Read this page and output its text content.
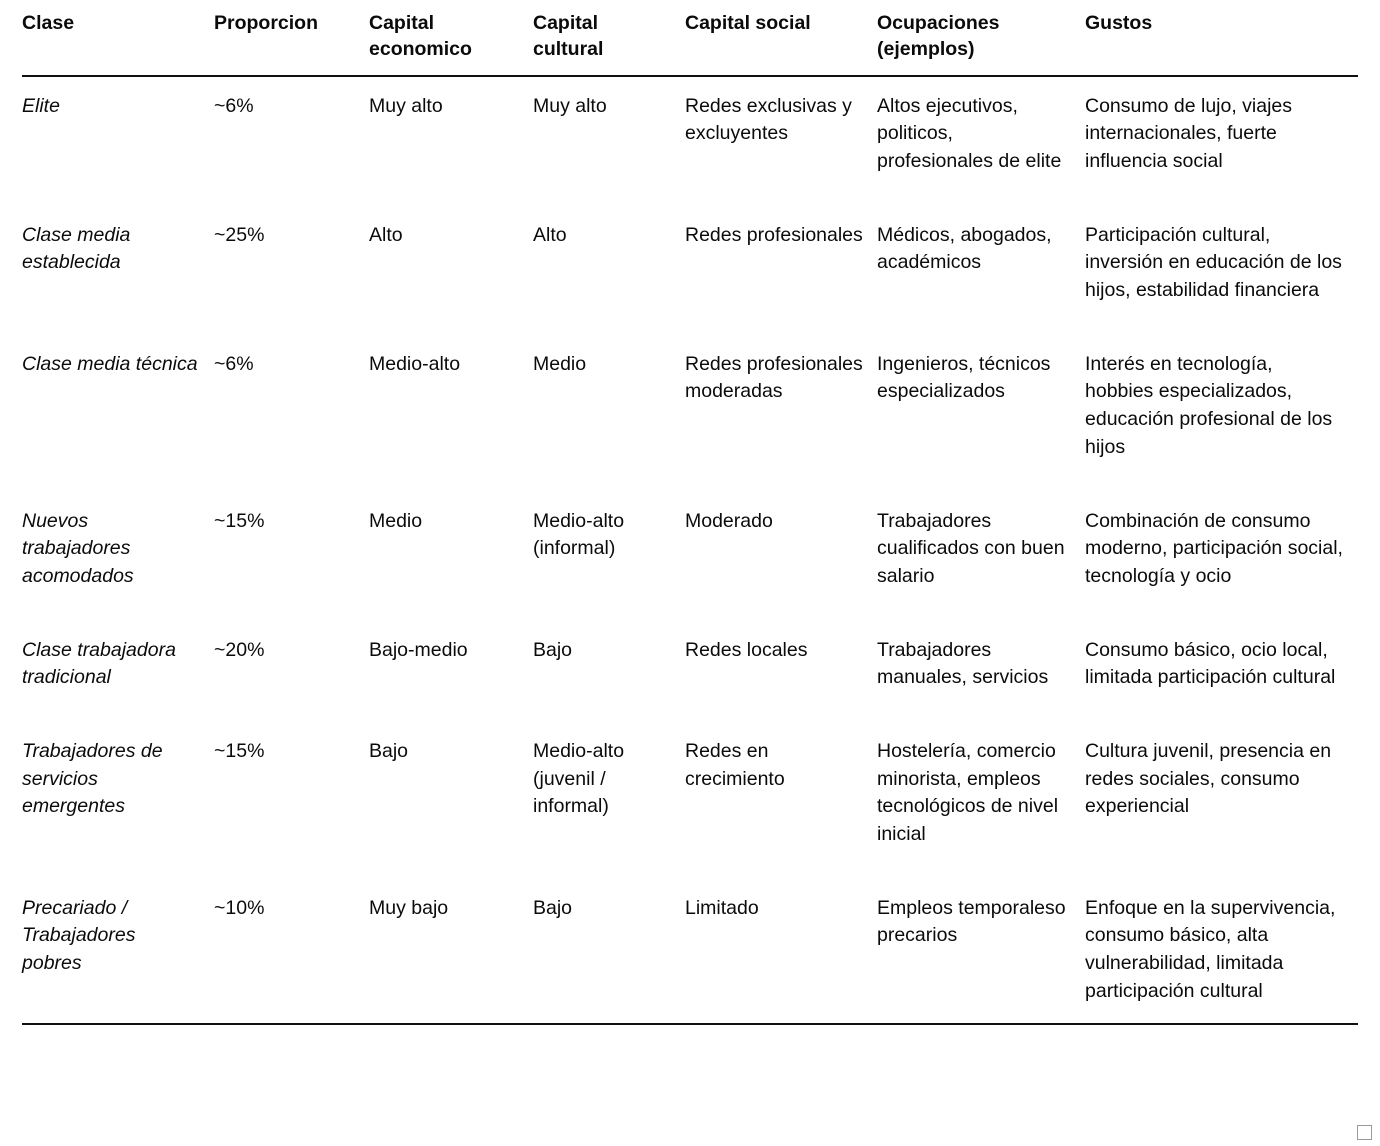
Clase	Proporcion	Capital economico	Capital cultural	Capital social	Ocupaciones (ejemplos)	Gustos
Elite	~6%	Muy alto	Muy alto	Redes exclusivas y excluyentes	Altos ejecutivos, politicos, profesionales de elite	Consumo de lujo, viajes internacionales, fuerte influencia social
Clase media establecida	~25%	Alto	Alto	Redes profesionales	Médicos, abogados, académicos	Participación cultural, inversión en educación de los hijos, estabilidad financiera
Clase media técnica	~6%	Medio-alto	Medio	Redes profesionales moderadas	Ingenieros, técnicos especializados	Interés en tecnología, hobbies especializados, educación profesional de los hijos
Nuevos trabajadores acomodados	~15%	Medio	Medio-alto (informal)	Moderado	Trabajadores cualificados con buen salario	Combinación de consumo moderno, participación social, tecnología y ocio
Clase trabajadora tradicional	~20%	Bajo-medio	Bajo	Redes locales	Trabajadores manuales, servicios	Consumo básico, ocio local, limitada participación cultural
Trabajadores de servicios emergentes	~15%	Bajo	Medio-alto (juvenil / informal)	Redes en crecimiento	Hostelería, comercio minorista, empleos tecnológicos de nivel inicial	Cultura juvenil, presencia en redes sociales, consumo experiencial
Precariado / Trabajadores pobres	~10%	Muy bajo	Bajo	Limitado	Empleos temporaleso precarios	Enfoque en la supervivencia, consumo básico, alta vulnerabilidad, limitada participación cultural
